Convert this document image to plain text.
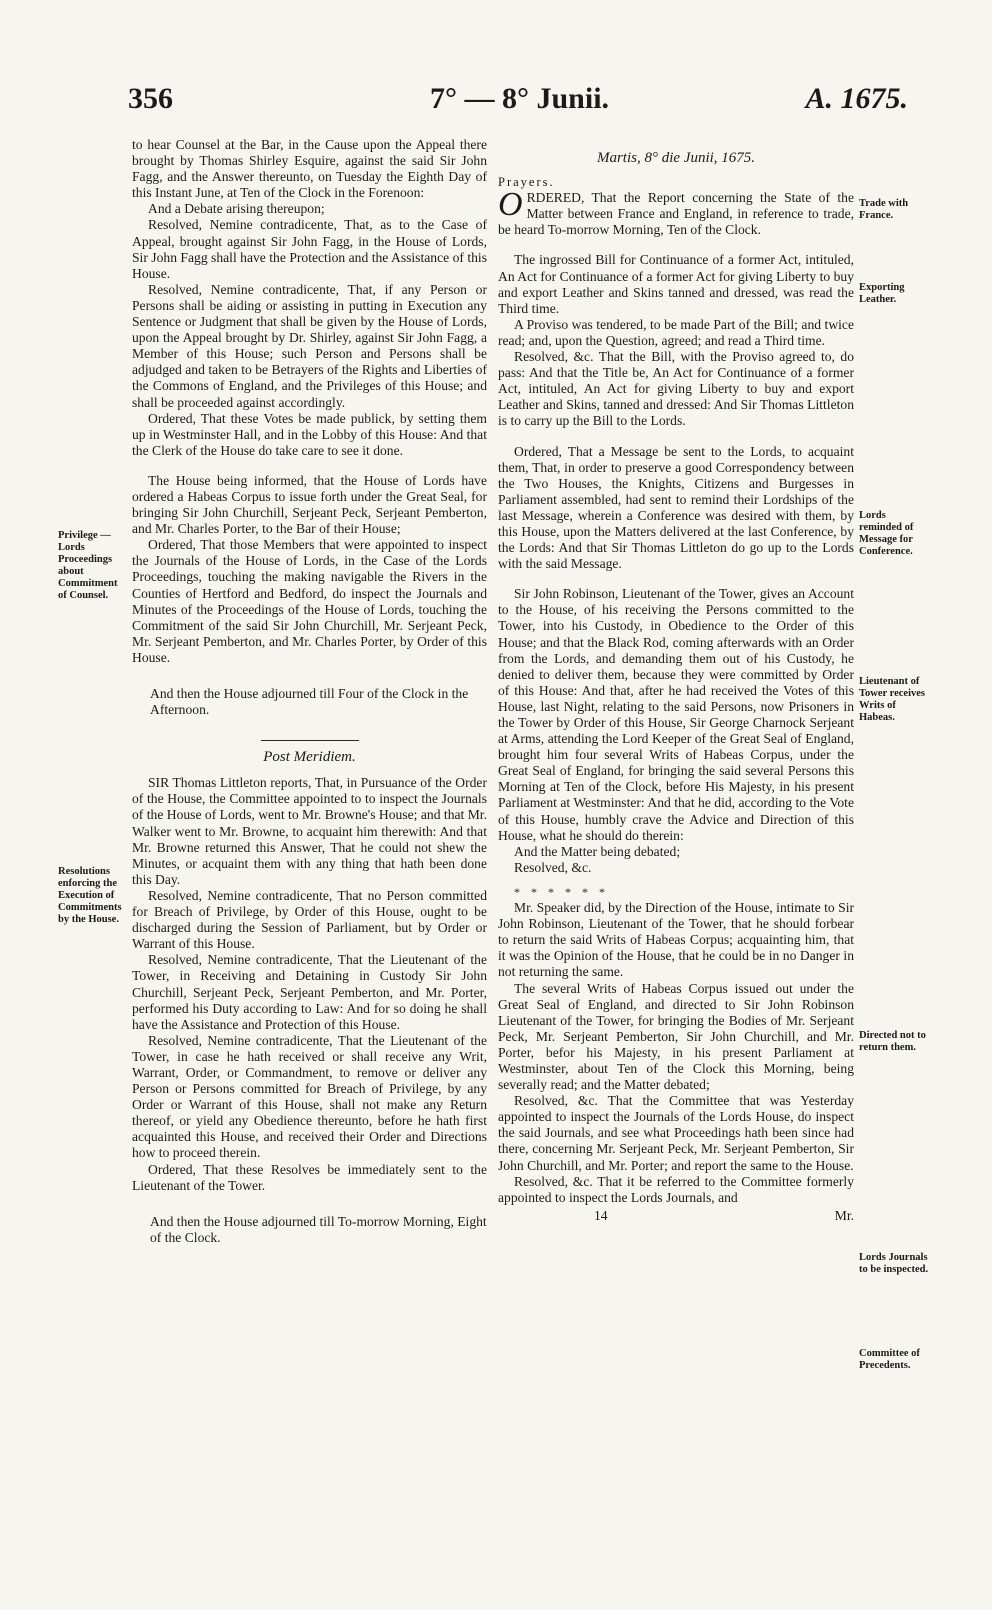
356	7° — 8° Junii.	A. 1675.

to hear Counsel at the Bar, in the Cause upon the Appeal there brought by Thomas Shirley Esquire, against the said Sir John Fagg, and the Answer thereunto, on Tuesday the Eighth Day of this Instant June, at Ten of the Clock in the Forenoon:

And a Debate arising thereupon;

Resolved, Nemine contradicente, That, as to the Case of Appeal, brought against Sir John Fagg, in the House of Lords, Sir John Fagg shall have the Protection and the Assistance of this House.

Resolved, Nemine contradicente, That, if any Person or Persons shall be aiding or assisting in putting in Execution any Sentence or Judgment that shall be given by the House of Lords, upon the Appeal brought by Dr. Shirley, against Sir John Fagg, a Member of this House; such Person and Persons shall be adjudged and taken to be Betrayers of the Rights and Liberties of the Commons of England, and the Privileges of this House; and shall be proceeded against accordingly.

Ordered, That these Votes be made publick, by setting them up in Westminster Hall, and in the Lobby of this House: And that the Clerk of the House do take care to see it done.

The House being informed, that the House of Lords have ordered a Habeas Corpus to issue forth under the Great Seal, for bringing Sir John Churchill, Serjeant Peck, Serjeant Pemberton, and Mr. Charles Porter, to the Bar of their House;

Ordered, That those Members that were appointed to inspect the Journals of the House of Lords, in the Case of the Lords Proceedings, touching the making navigable the Rivers in the Counties of Hertford and Bedford, do inspect the Journals and Minutes of the Proceedings of the House of Lords, touching the Commitment of the said Sir John Churchill, Mr. Serjeant Peck, Mr. Serjeant Pemberton, and Mr. Charles Porter, by Order of this House.

And then the House adjourned till Four of the Clock in the Afternoon.

Post Meridiem.

SIR Thomas Littleton reports, That, in Pursuance of the Order of the House, the Committee appointed to to inspect the Journals of the House of Lords, went to Mr. Browne's House; and that Mr. Walker went to Mr. Browne, to acquaint him therewith: And that Mr. Browne returned this Answer, That he could not shew the Minutes, or acquaint them with any thing that hath been done this Day.

Resolved, Nemine contradicente, That no Person committed for Breach of Privilege, by Order of this House, ought to be discharged during the Session of Parliament, but by Order or Warrant of this House.

Resolved, Nemine contradicente, That the Lieutenant of the Tower, in Receiving and Detaining in Custody Sir John Churchill, Serjeant Peck, Serjeant Pemberton, and Mr. Porter, performed his Duty according to Law: And for so doing he shall have the Assistance and Protection of this House.

Resolved, Nemine contradicente, That the Lieutenant of the Tower, in case he hath received or shall receive any Writ, Warrant, Order, or Commandment, to remove or deliver any Person or Persons committed for Breach of Privilege, by any Order or Warrant of this House, shall not make any Return thereof, or yield any Obedience thereunto, before he hath first acquainted this House, and received their Order and Directions how to proceed therein.

Ordered, That these Resolves be immediately sent to the Lieutenant of the Tower.

And then the House adjourned till To-morrow Morning, Eight of the Clock.

Martis, 8° die Junii, 1675.

Prayers.

ORDERED, That the Report concerning the State of the Matter between France and England, in reference to trade, be heard To-morrow Morning, Ten of the Clock.

The ingrossed Bill for Continuance of a former Act, intituled, An Act for Continuance of a former Act for giving Liberty to buy and export Leather and Skins tanned and dressed, was read the Third time.

A Proviso was tendered, to be made Part of the Bill; and twice read; and, upon the Question, agreed; and read a Third time.

Resolved, &c. That the Bill, with the Proviso agreed to, do pass: And that the Title be, An Act for Continuance of a former Act, intituled, An Act for giving Liberty to buy and export Leather and Skins, tanned and dressed: And Sir Thomas Littleton is to carry up the Bill to the Lords.

Ordered, That a Message be sent to the Lords, to acquaint them, That, in order to preserve a good Correspondency between the Two Houses, the Knights, Citizens and Burgesses in Parliament assembled, had sent to remind their Lordships of the last Message, wherein a Conference was desired with them, by this House, upon the Matters delivered at the last Conference, by the Lords: And that Sir Thomas Littleton do go up to the Lords with the said Message.

Sir John Robinson, Lieutenant of the Tower, gives an Account to the House, of his receiving the Persons committed to the Tower, into his Custody, in Obedience to the Order of this House; and that the Black Rod, coming afterwards with an Order from the Lords, and demanding them out of his Custody, he denied to deliver them, because they were committed by Order of this House: And that, after he had received the Votes of this House, last Night, relating to the said Persons, now Prisoners in the Tower by Order of this House, Sir George Charnock Serjeant at Arms, attending the Lord Keeper of the Great Seal of England, brought him four several Writs of Habeas Corpus, under the Great Seal of England, for bringing the said several Persons this Morning at Ten of the Clock, before His Majesty, in his present Parliament at Westminster: And that he did, according to the Vote of this House, humbly crave the Advice and Direction of this House, what he should do therein:

And the Matter being debated;

Resolved, &c.

* * * * * *

Mr. Speaker did, by the Direction of the House, intimate to Sir John Robinson, Lieutenant of the Tower, that he should forbear to return the said Writs of Habeas Corpus; acquainting him, that it was the Opinion of the House, that he could be in no Danger in not returning the same.

The several Writs of Habeas Corpus issued out under the Great Seal of England, and directed to Sir John Robinson Lieutenant of the Tower, for bringing the Bodies of Mr. Serjeant Peck, Mr. Serjeant Pemberton, Sir John Churchill, and Mr. Porter, befor his Majesty, in his present Parliament at Westminster, about Ten of the Clock this Morning, being severally read; and the Matter debated;

Resolved, &c. That the Committee that was Yesterday appointed to inspect the Journals of the Lords House, do inspect the said Journals, and see what Proceedings hath been since had there, concerning Mr. Serjeant Peck, Mr. Serjeant Pemberton, Sir John Churchill, and Mr. Porter; and report the same to the House.

Resolved, &c. That it be referred to the Committee formerly appointed to inspect the Lords Journals, and

14	Mr.
Privilege — Lords Proceedings about Commitment of Counsel.
Resolutions enforcing the Execution of Commitments by the House.
Trade with France.
Exporting Leather.
Lords reminded of Message for Conference.
Lieutenant of Tower receives Writs of Habeas.
Directed not to return them.
Lords Journals to be inspected.
Committee of Precedents.
